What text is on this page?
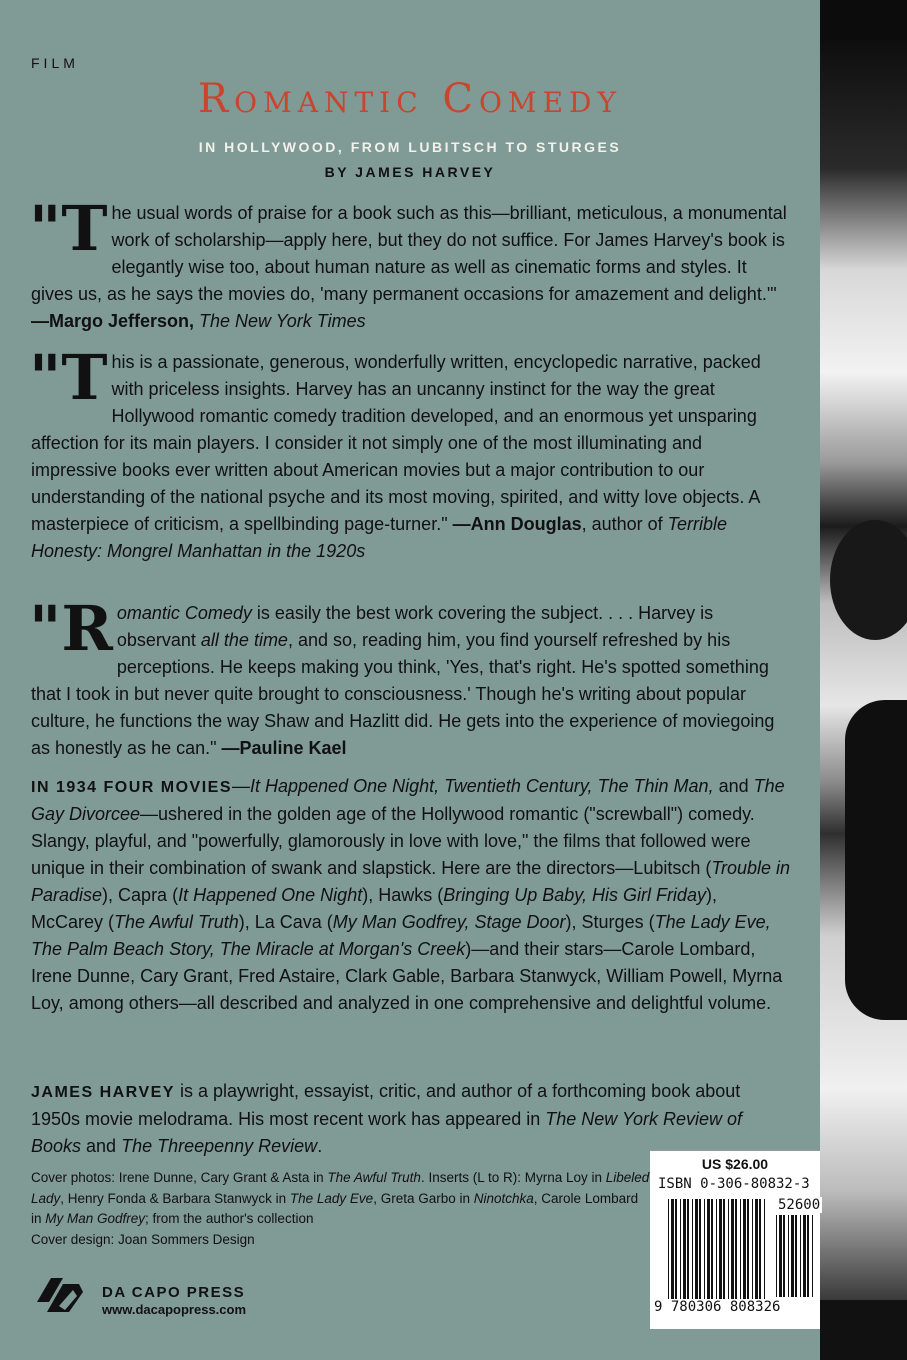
FILM
Romantic Comedy
IN HOLLYWOOD, FROM LUBITSCH TO STURGES
BY JAMES HARVEY
"T he usual words of praise for a book such as this—brilliant, meticulous, a monumental work of scholarship—apply here, but they do not suffice. For James Harvey's book is elegantly wise too, about human nature as well as cinematic forms and styles. It gives us, as he says the movies do, 'many permanent occasions for amazement and delight.'" —Margo Jefferson, The New York Times
"T his is a passionate, generous, wonderfully written, encyclopedic narrative, packed with priceless insights. Harvey has an uncanny instinct for the way the great Hollywood romantic comedy tradition developed, and an enormous yet unsparing affection for its main players. I consider it not simply one of the most illuminating and impressive books ever written about American movies but a major contribution to our understanding of the national psyche and its most moving, spirited, and witty love objects. A masterpiece of criticism, a spellbinding page-turner." —Ann Douglas, author of Terrible Honesty: Mongrel Manhattan in the 1920s
"R omantic Comedy is easily the best work covering the subject. . . . Harvey is observant all the time, and so, reading him, you find yourself refreshed by his perceptions. He keeps making you think, 'Yes, that's right. He's spotted something that I took in but never quite brought to consciousness.' Though he's writing about popular culture, he functions the way Shaw and Hazlitt did. He gets into the experience of moviegoing as honestly as he can." —Pauline Kael
IN 1934 FOUR MOVIES—It Happened One Night, Twentieth Century, The Thin Man, and The Gay Divorcee—ushered in the golden age of the Hollywood romantic ("screwball") comedy. Slangy, playful, and "powerfully, glamorously in love with love," the films that followed were unique in their combination of swank and slapstick. Here are the directors—Lubitsch (Trouble in Paradise), Capra (It Happened One Night), Hawks (Bringing Up Baby, His Girl Friday), McCarey (The Awful Truth), La Cava (My Man Godfrey, Stage Door), Sturges (The Lady Eve, The Palm Beach Story, The Miracle at Morgan's Creek)—and their stars—Carole Lombard, Irene Dunne, Cary Grant, Fred Astaire, Clark Gable, Barbara Stanwyck, William Powell, Myrna Loy, among others—all described and analyzed in one comprehensive and delightful volume.
JAMES HARVEY is a playwright, essayist, critic, and author of a forthcoming book about 1950s movie melodrama. His most recent work has appeared in The New York Review of Books and The Threepenny Review.
Cover photos: Irene Dunne, Cary Grant & Asta in The Awful Truth. Inserts (L to R): Myrna Loy in Libeled Lady, Henry Fonda & Barbara Stanwyck in The Lady Eve, Greta Garbo in Ninotchka, Carole Lombard in My Man Godfrey; from the author's collection
Cover design: Joan Sommers Design
DA CAPO PRESS
www.dacapopress.com
US $26.00
ISBN 0-306-80832-3
52600
9 780306 808326
